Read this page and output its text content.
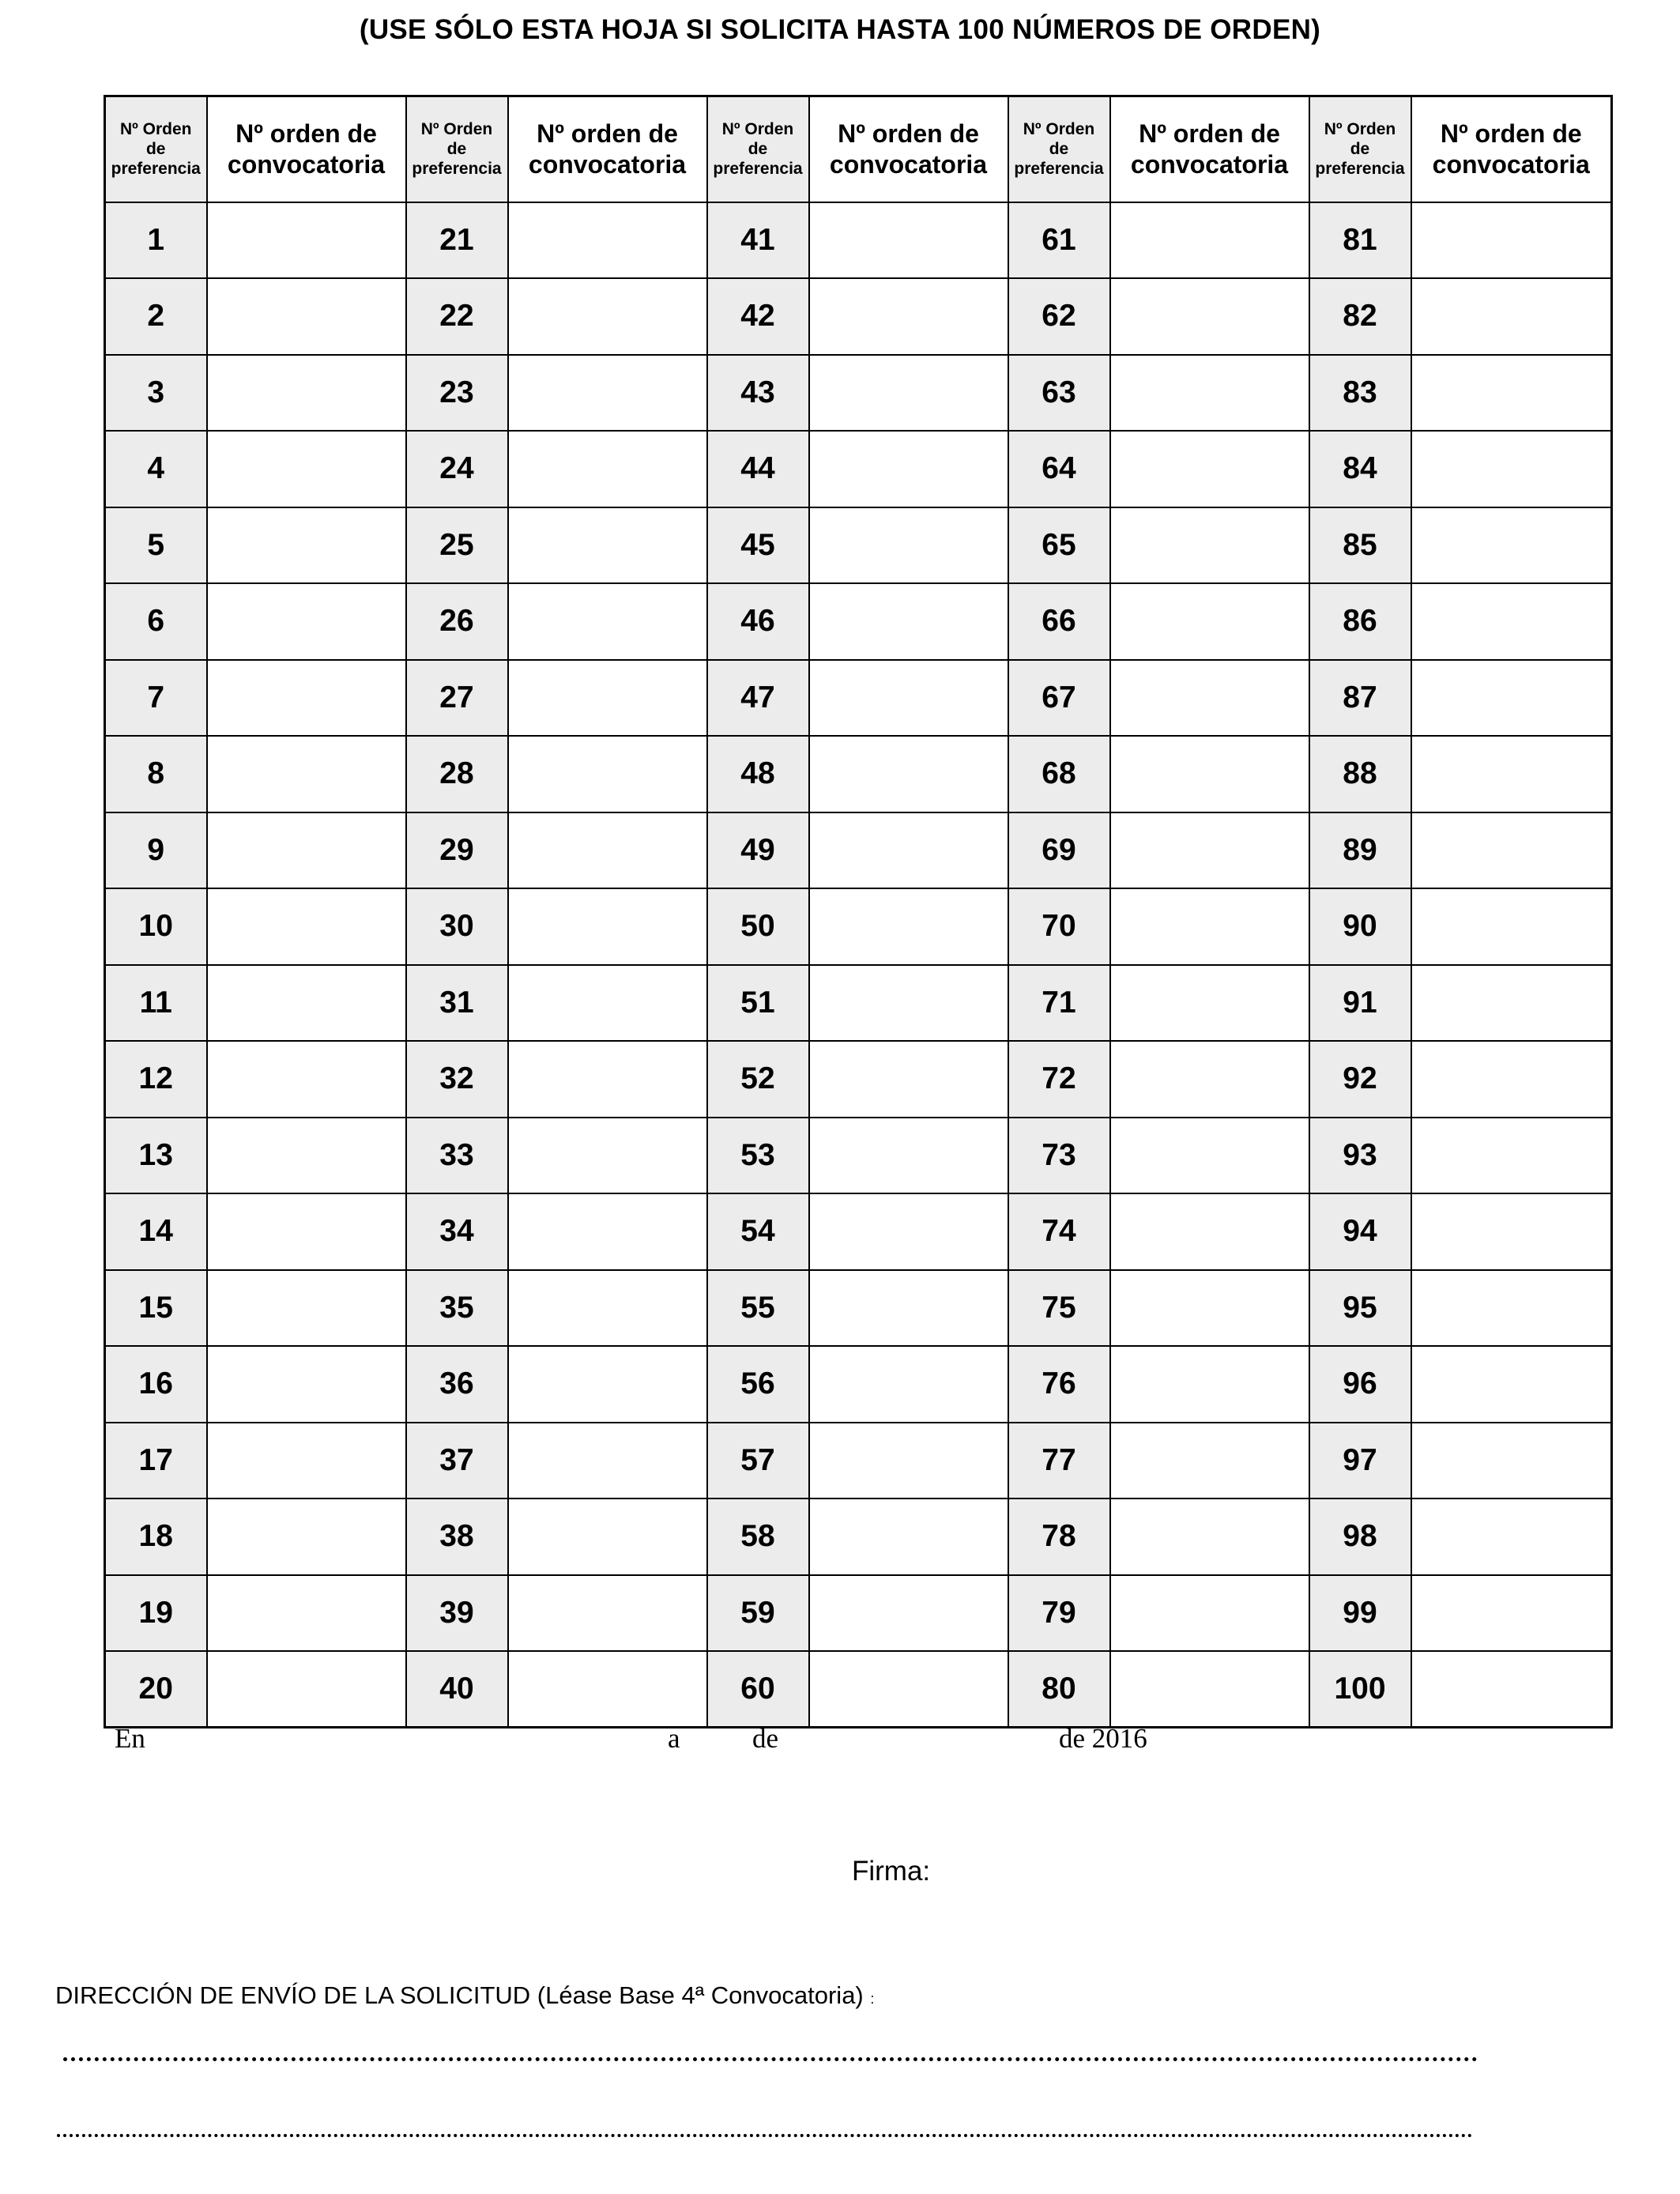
(USE SÓLO ESTA HOJA SI SOLICITA HASTA 100 NÚMEROS DE ORDEN)
Nº Orden
de
preferencia	Nº orden de
convocatoria	Nº Orden
de
preferencia	Nº orden de
convocatoria	Nº Orden
de
preferencia	Nº orden de
convocatoria	Nº Orden
de
preferencia	Nº orden de
convocatoria	Nº Orden
de
preferencia	Nº orden de
convocatoria
1		21		41		61		81	
2		22		42		62		82	
3		23		43		63		83	
4		24		44		64		84	
5		25		45		65		85	
6		26		46		66		86	
7		27		47		67		87	
8		28		48		68		88	
9		29		49		69		89	
10		30		50		70		90	
11		31		51		71		91	
12		32		52		72		92	
13		33		53		73		93	
14		34		54		74		94	
15		35		55		75		95	
16		36		56		76		96	
17		37		57		77		97	
18		38		58		78		98	
19		39		59		79		99	
20		40		60		80		100	
En	a	de	de 2016
Firma:
DIRECCIÓN DE ENVÍO DE LA SOLICITUD (Léase Base 4ª Convocatoria) :
